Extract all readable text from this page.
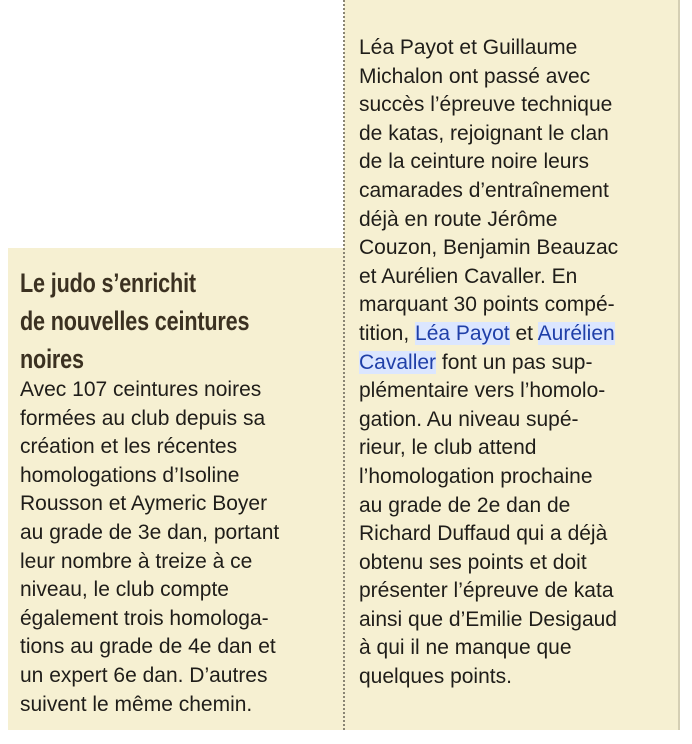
Le judo s’enrichit
de nouvelles ceintures
noires

Avec 107 ceintures noires
formées au club depuis sa
création et les récentes
homologations d’Isoline
Rousson et Aymeric Boyer
au grade de 3e dan, portant
leur nombre à treize à ce
niveau, le club compte
également trois homologa-
tions au grade de 4e dan et
un expert 6e dan. D’autres
suivent le même chemin.

Léa Payot et Guillaume
Michalon ont passé avec
succès l’épreuve technique
de katas, rejoignant le clan
de la ceinture noire leurs
camarades d’entraînement
déjà en route Jérôme
Couzon, Benjamin Beauzac
et Aurélien Cavaller. En
marquant 30 points compé-
tition, Léa Payot et Aurélien
Cavaller font un pas sup-
plémentaire vers l’homolo-
gation. Au niveau supé-
rieur, le club attend
l’homologation prochaine
au grade de 2e dan de
Richard Duffaud qui a déjà
obtenu ses points et doit
présenter l’épreuve de kata
ainsi que d’Emilie Desigaud
à qui il ne manque que
quelques points.
